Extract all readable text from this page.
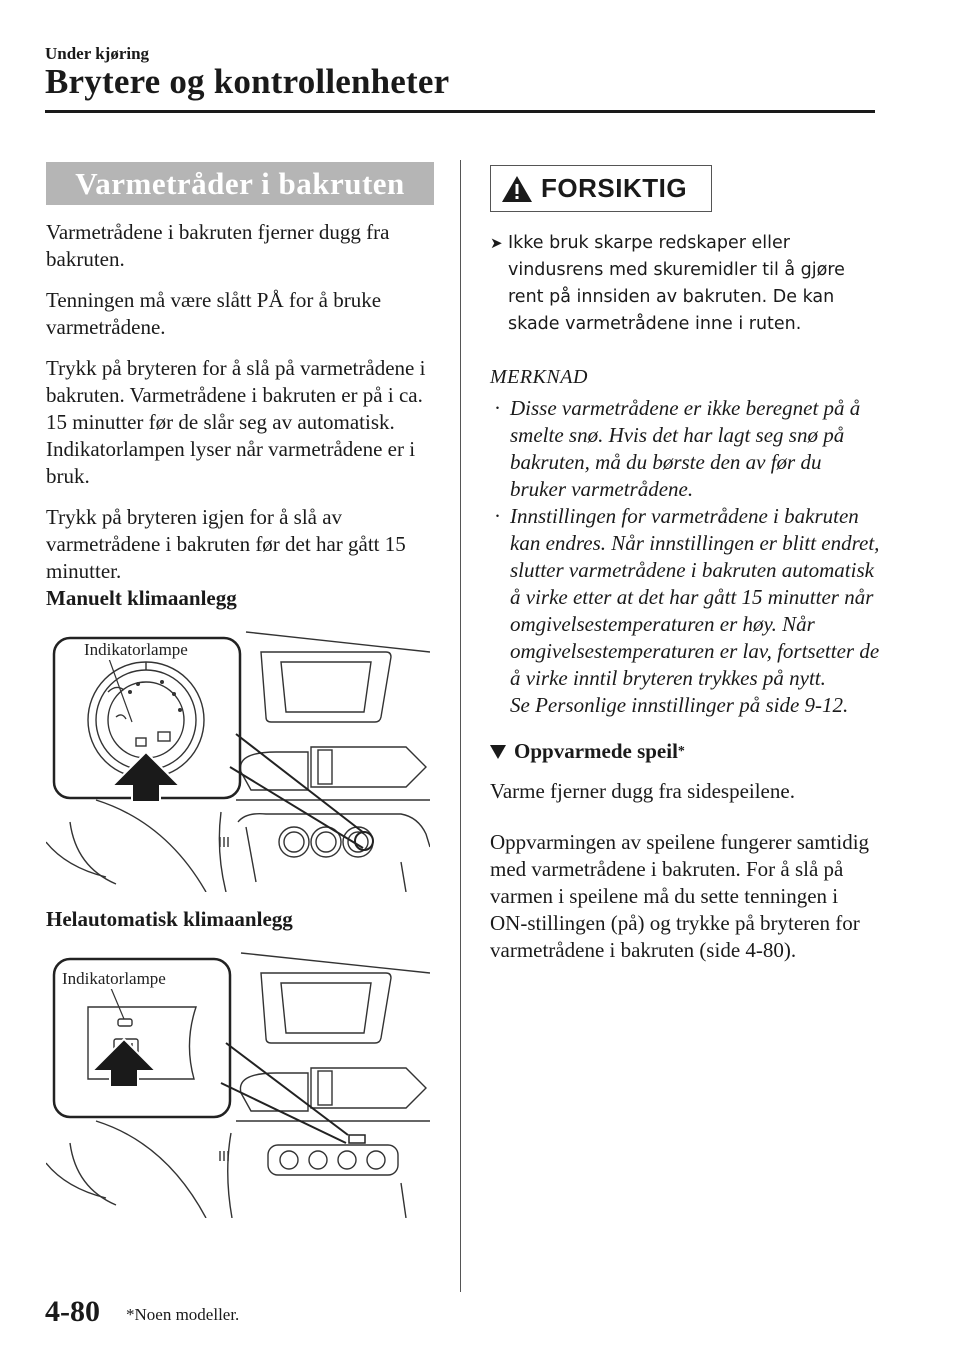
Under kjøring
Brytere og kontrollenheter
Varmetråder i bakruten
Varmetrådene i bakruten fjerner dugg fra bakruten.
Tenningen må være slått PÅ for å bruke varmetrådene.
Trykk på bryteren for å slå på varmetrådene i bakruten. Varmetrådene i bakruten er på i ca. 15 minutter før de slår seg av automatisk.
Indikatorlampen lyser når varmetrådene er i bruk.
Trykk på bryteren igjen for å slå av varmetrådene i bakruten før det har gått 15 minutter.
Manuelt klimaanlegg
Indikatorlampe
Helautomatisk klimaanlegg
Indikatorlampe
FORSIKTIG
➤ Ikke bruk skarpe redskaper eller vindusrens med skuremidler til å gjøre rent på innsiden av bakruten. De kan skade varmetrådene inne i ruten.
MERKNAD
· Disse varmetrådene er ikke beregnet på å smelte snø. Hvis det har lagt seg snø på bakruten, må du børste den av før du bruker varmetrådene.
· Innstillingen for varmetrådene i bakruten kan endres. Når innstillingen er blitt endret, slutter varmetrådene i bakruten automatisk å virke etter at det har gått 15 minutter når omgivelsestemperaturen er høy. Når omgivelsestemperaturen er lav, fortsetter de å virke inntil bryteren trykkes på nytt.
Se Personlige innstillinger på side 9-12.
Oppvarmede speil *
Varme fjerner dugg fra sidespeilene.
Oppvarmingen av speilene fungerer samtidig med varmetrådene i bakruten. For å slå på varmen i speilene må du sette tenningen i ON-stillingen (på) og trykke på bryteren for varmetrådene i bakruten (side 4-80).
4-80 *Noen modeller.
